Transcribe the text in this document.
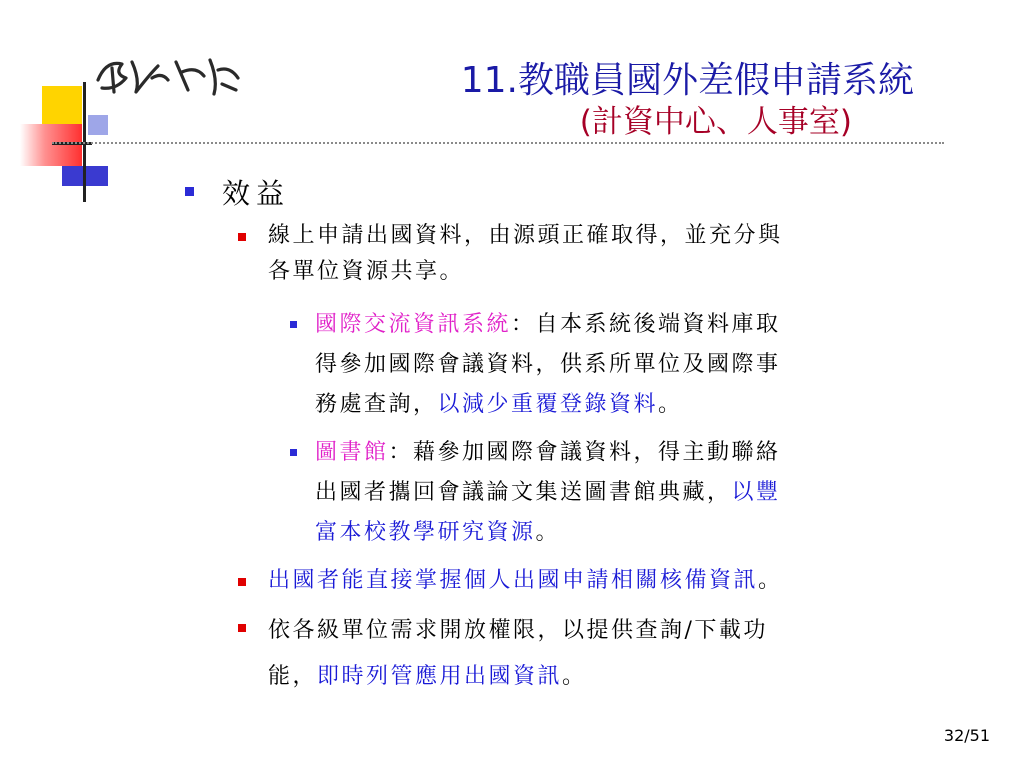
11.教職員國外差假申請系統
(計資中心、人事室)
效益
線上申請出國資料，由源頭正確取得，並充分與
各單位資源共享。
國際交流資訊系統：自本系統後端資料庫取
得參加國際會議資料，供系所單位及國際事
務處查詢，以減少重覆登錄資料。
圖書館：藉參加國際會議資料，得主動聯絡
出國者攜回會議論文集送圖書館典藏，以豐
富本校教學研究資源。
出國者能直接掌握個人出國申請相關核備資訊。
依各級單位需求開放權限，以提供查詢/下載功
能，即時列管應用出國資訊。
32/51
